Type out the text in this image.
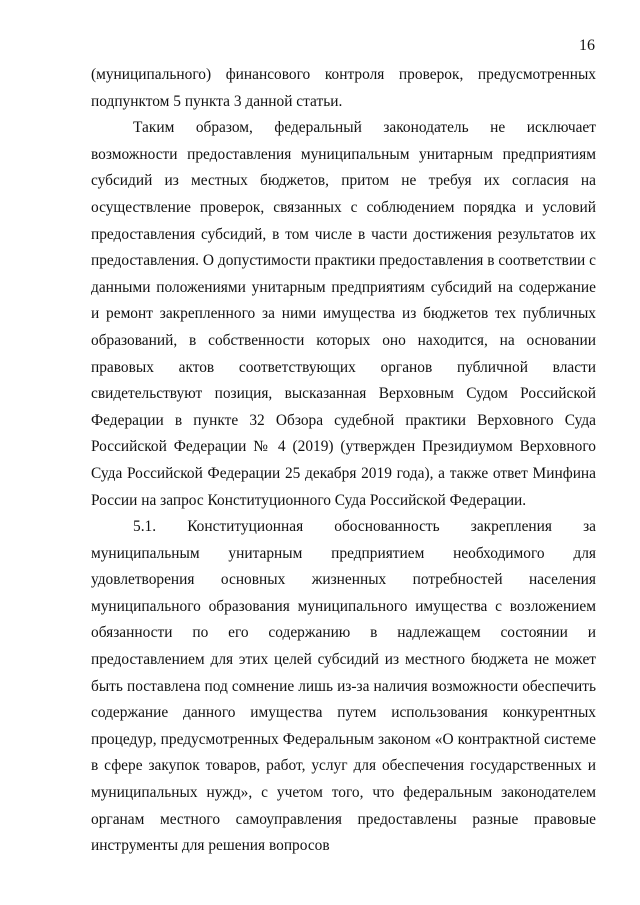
16

(муниципального) финансового контроля проверок, предусмотренных подпунктом 5 пункта 3 данной статьи.

Таким образом, федеральный законодатель не исключает возможности предоставления муниципальным унитарным предприятиям субсидий из местных бюджетов, притом не требуя их согласия на осуществление проверок, связанных с соблюдением порядка и условий предоставления субсидий, в том числе в части достижения результатов их предоставления. О допустимости практики предоставления в соответствии с данными положениями унитарным предприятиям субсидий на содержание и ремонт закрепленного за ними имущества из бюджетов тех публичных образований, в собственности которых оно находится, на основании правовых актов соответствующих органов публичной власти свидетельствуют позиция, высказанная Верховным Судом Российской Федерации в пункте 32 Обзора судебной практики Верховного Суда Российской Федерации № 4 (2019) (утвержден Президиумом Верховного Суда Российской Федерации 25 декабря 2019 года), а также ответ Минфина России на запрос Конституционного Суда Российской Федерации.

5.1. Конституционная обоснованность закрепления за муниципальным унитарным предприятием необходимого для удовлетворения основных жизненных потребностей населения муниципального образования муниципального имущества с возложением обязанности по его содержанию в надлежащем состоянии и предоставлением для этих целей субсидий из местного бюджета не может быть поставлена под сомнение лишь из-за наличия возможности обеспечить содержание данного имущества путем использования конкурентных процедур, предусмотренных Федеральным законом «О контрактной системе в сфере закупок товаров, работ, услуг для обеспечения государственных и муниципальных нужд», с учетом того, что федеральным законодателем органам местного самоуправления предоставлены разные правовые инструменты для решения вопросов
